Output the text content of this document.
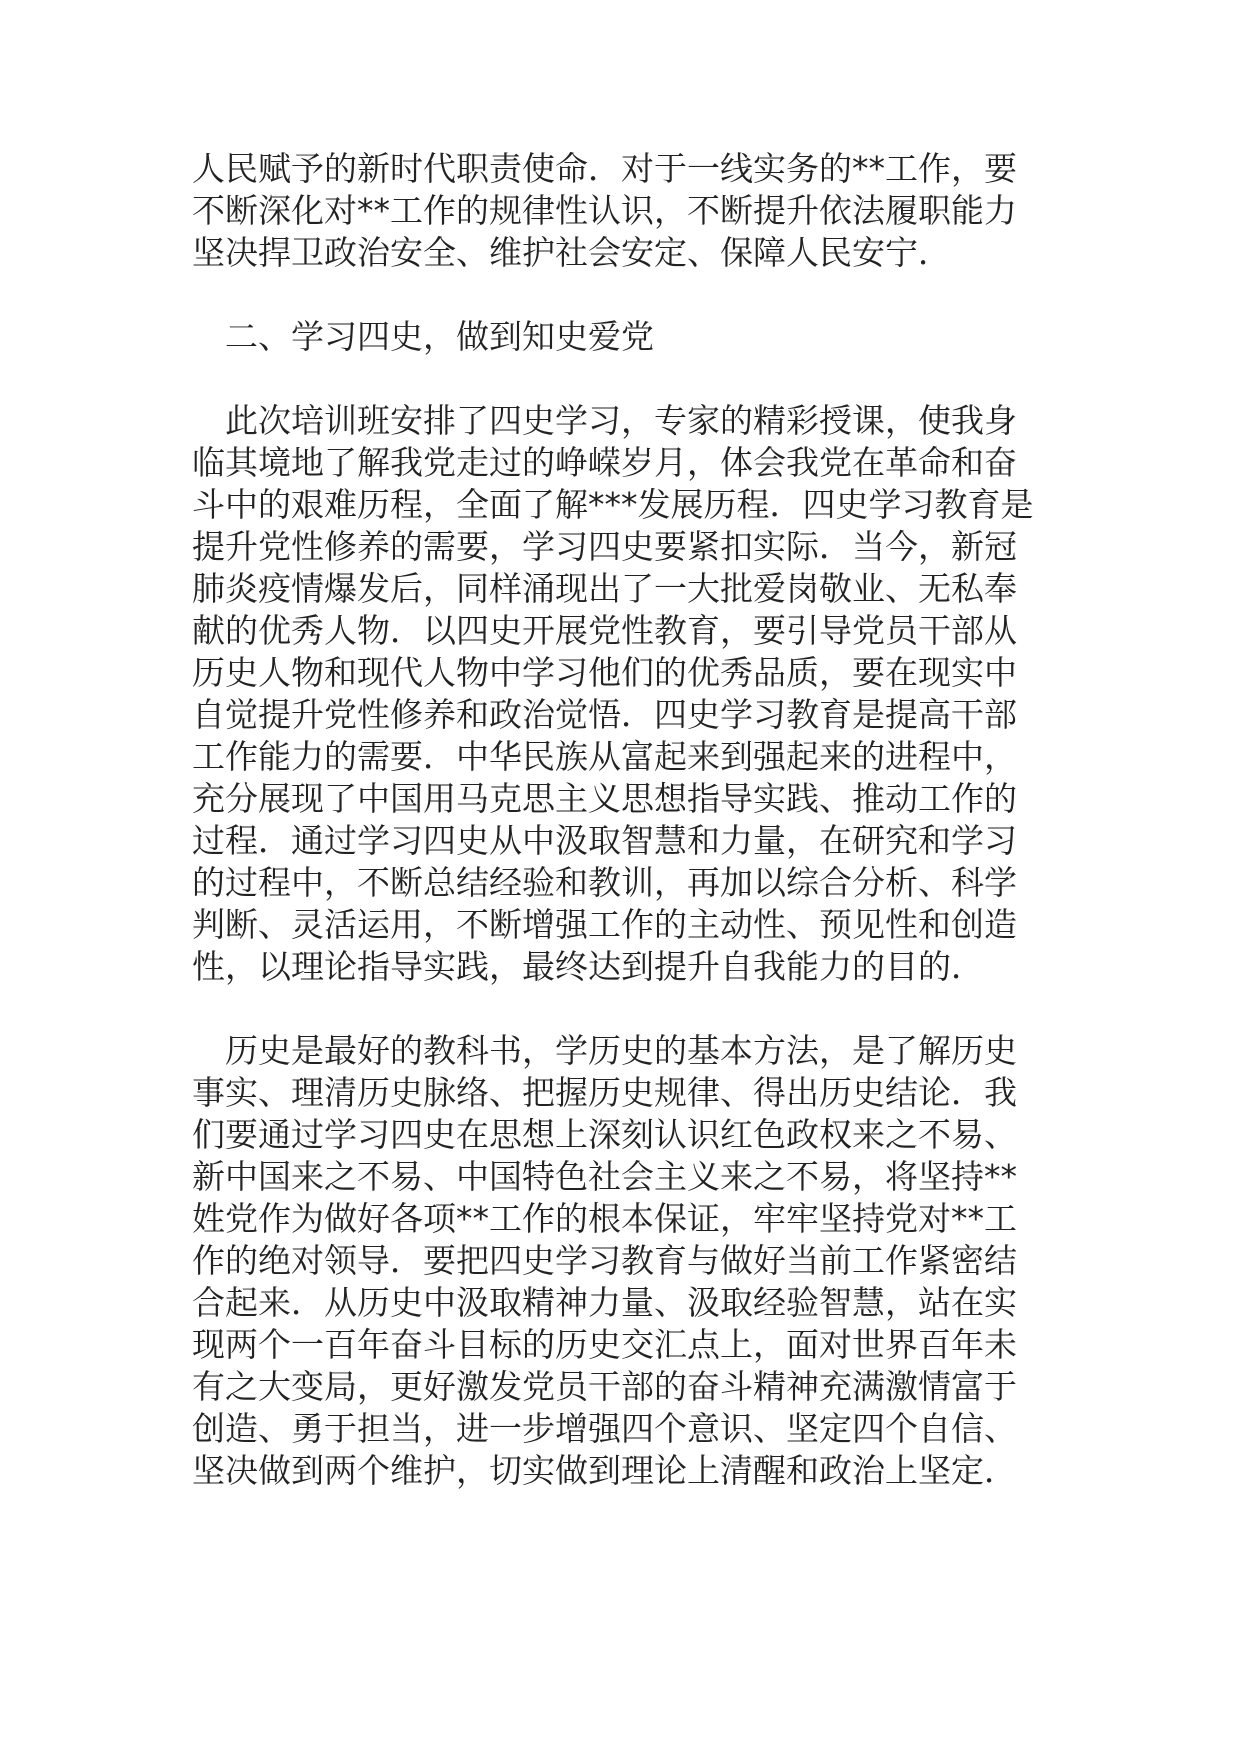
人民赋予的新时代职责使命．对于一线实务的**工作，要
不断深化对**工作的规律性认识，不断提升依法履职能力
坚决捍卫政治安全、维护社会安定、保障人民安宁．
二、学习四史，做到知史爱党
此次培训班安排了四史学习，专家的精彩授课，使我身
临其境地了解我党走过的峥嵘岁月，体会我党在革命和奋
斗中的艰难历程，全面了解***发展历程．四史学习教育是
提升党性修养的需要，学习四史要紧扣实际．当今，新冠
肺炎疫情爆发后，同样涌现出了一大批爱岗敬业、无私奉
献的优秀人物．以四史开展党性教育，要引导党员干部从
历史人物和现代人物中学习他们的优秀品质，要在现实中
自觉提升党性修养和政治觉悟．四史学习教育是提高干部
工作能力的需要．中华民族从富起来到强起来的进程中，
充分展现了中国用马克思主义思想指导实践、推动工作的
过程．通过学习四史从中汲取智慧和力量，在研究和学习
的过程中，不断总结经验和教训，再加以综合分析、科学
判断、灵活运用，不断增强工作的主动性、预见性和创造
性，以理论指导实践，最终达到提升自我能力的目的．
历史是最好的教科书，学历史的基本方法，是了解历史
事实、理清历史脉络、把握历史规律、得出历史结论．我
们要通过学习四史在思想上深刻认识红色政权来之不易、
新中国来之不易、中国特色社会主义来之不易，将坚持**
姓党作为做好各项**工作的根本保证，牢牢坚持党对**工
作的绝对领导．要把四史学习教育与做好当前工作紧密结
合起来．从历史中汲取精神力量、汲取经验智慧，站在实
现两个一百年奋斗目标的历史交汇点上，面对世界百年未
有之大变局，更好激发党员干部的奋斗精神充满激情富于
创造、勇于担当，进一步增强四个意识、坚定四个自信、
坚决做到两个维护，切实做到理论上清醒和政治上坚定．
